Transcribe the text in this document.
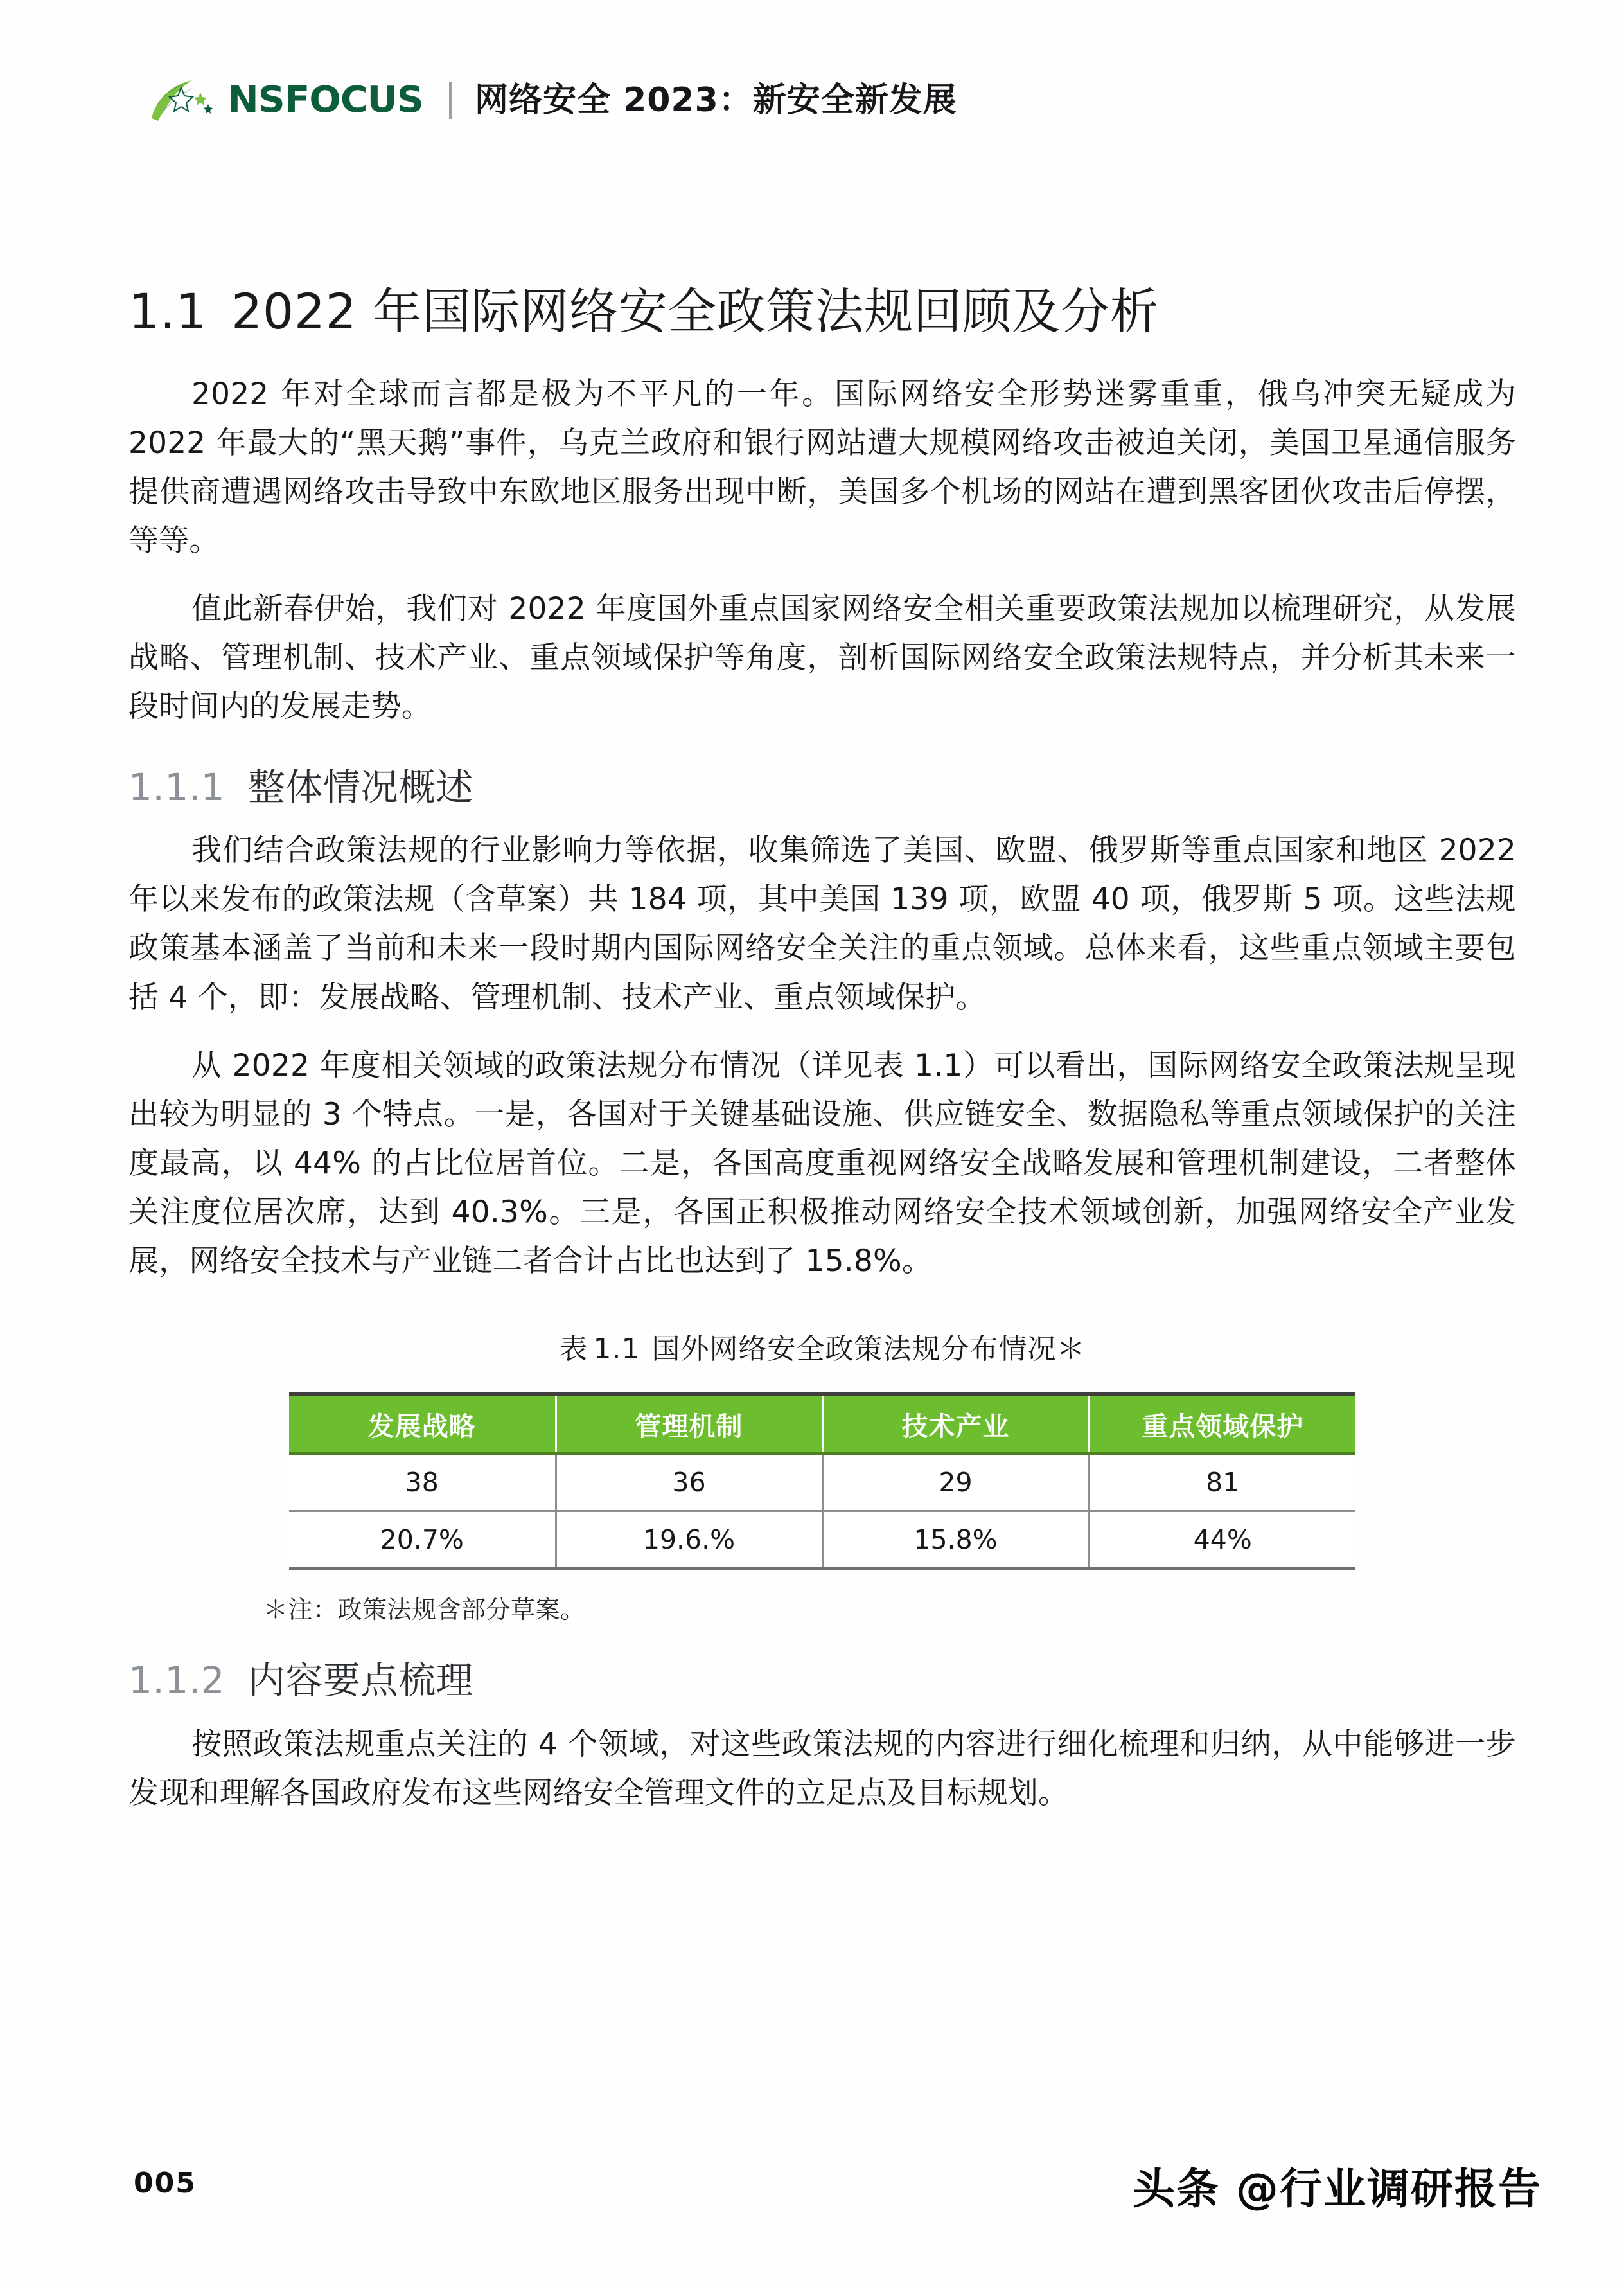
NSFOCUS 网络安全 2023：新安全新发展
1.1 2022 年国际网络安全政策法规回顾及分析

2022 年对全球而言都是极为不平凡的一年。国际网络安全形势迷雾重重，俄乌冲突无疑成为 2022 年最大的“黑天鹅”事件，乌克兰政府和银行网站遭大规模网络攻击被迫关闭，美国卫星通信服务提供商遭遇网络攻击导致中东欧地区服务出现中断，美国多个机场的网站在遭到黑客团伙攻击后停摆，等等。

值此新春伊始，我们对 2022 年度国外重点国家网络安全相关重要政策法规加以梳理研究，从发展战略、管理机制、技术产业、重点领域保护等角度，剖析国际网络安全政策法规特点，并分析其未来一段时间内的发展走势。

1.1.1 整体情况概述

我们结合政策法规的行业影响力等依据，收集筛选了美国、欧盟、俄罗斯等重点国家和地区 2022 年以来发布的政策法规（含草案）共 184 项，其中美国 139 项，欧盟 40 项，俄罗斯 5 项。这些法规政策基本涵盖了当前和未来一段时期内国际网络安全关注的重点领域。总体来看，这些重点领域主要包括 4 个，即：发展战略、管理机制、技术产业、重点领域保护。

从 2022 年度相关领域的政策法规分布情况（详见表 1.1）可以看出，国际网络安全政策法规呈现出较为明显的 3 个特点。一是，各国对于关键基础设施、供应链安全、数据隐私等重点领域保护的关注度最高，以 44% 的占比位居首位。二是，各国高度重视网络安全战略发展和管理机制建设，二者整体关注度位居次席，达到 40.3%。三是，各国正积极推动网络安全技术领域创新，加强网络安全产业发展，网络安全技术与产业链二者合计占比也达到了 15.8%。

表 1.1 国外网络安全政策法规分布情况＊
发展战略	管理机制	技术产业	重点领域保护
38	36	29	81
20.7%	19.6.%	15.8%	44%
＊注：政策法规含部分草案。
1.1.2 内容要点梳理

按照政策法规重点关注的 4 个领域，对这些政策法规的内容进行细化梳理和归纳，从中能够进一步发现和理解各国政府发布这些网络安全管理文件的立足点及目标规划。

005	头条 @行业调研报告
